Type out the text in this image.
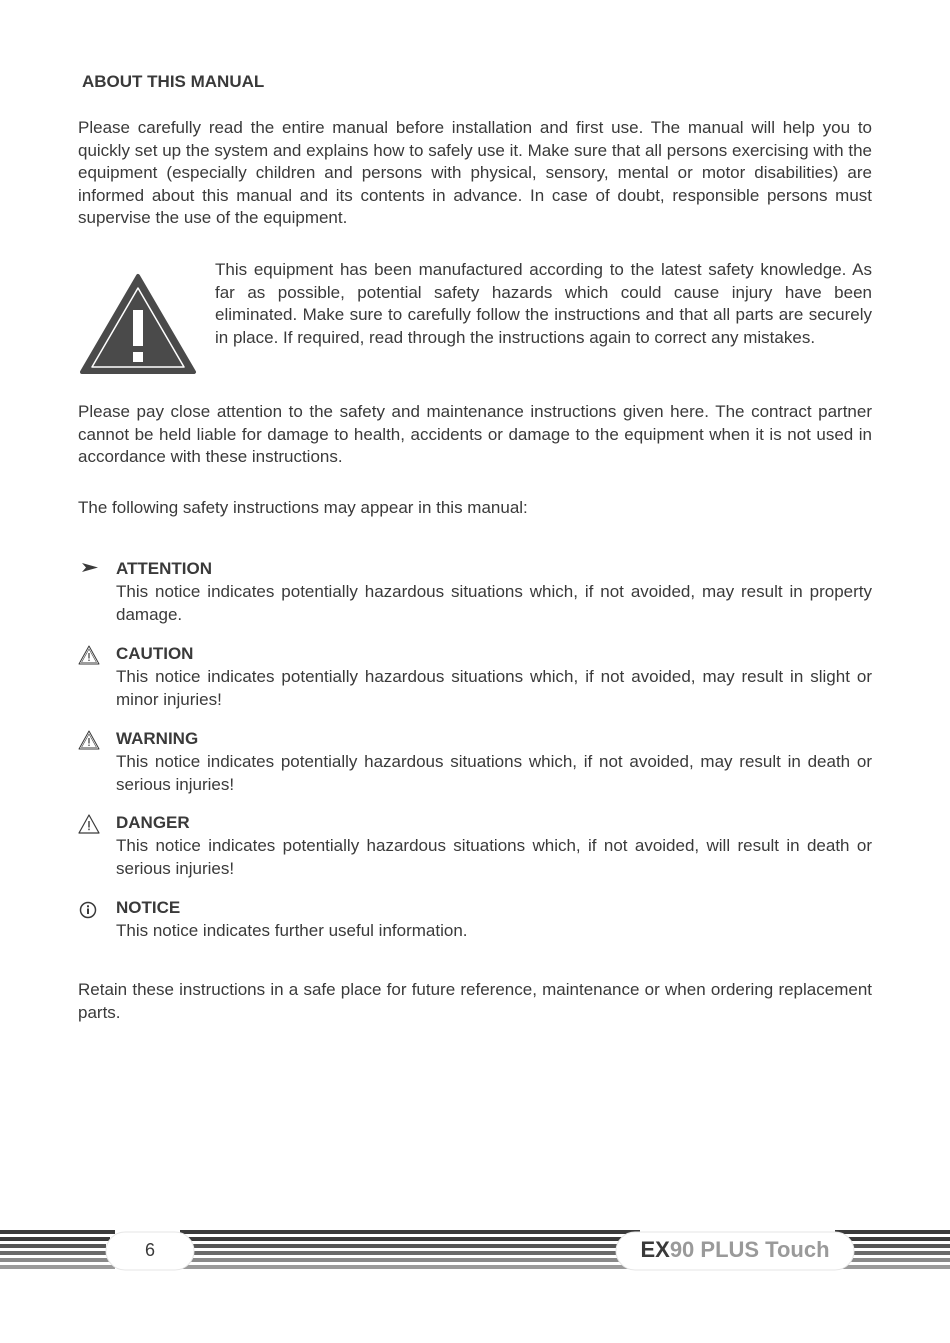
ABOUT THIS MANUAL

Please carefully read the entire manual before installation and first use. The manual will help you to quickly set up the system and explains how to safely use it. Make sure that all persons exercising with the equipment (especially children and persons with physical, sensory, mental or motor disabilities) are informed about this manual and its contents in advance. In case of doubt, responsible persons must supervise the use of the equipment.

This equipment has been manufactured according to the latest safety knowledge. As far as possible, potential safety hazards which could cause injury have been eliminated. Make sure to carefully follow the instructions and that all parts are securely in place. If required, read through the instructions again to correct any mistakes.

Please pay close attention to the safety and maintenance instructions given here. The contract partner cannot be held liable for damage to health, accidents or damage to the equipment when it is not used in accordance with these instructions.

The following safety instructions may appear in this manual:

ATTENTION

This notice indicates potentially hazardous situations which, if not avoided, may result in property damage.

CAUTION

This notice indicates potentially hazardous situations which, if not avoided, may result in slight or minor injuries!

WARNING

This notice indicates potentially hazardous situations which, if not avoided, may result in death or serious injuries!

DANGER

This notice indicates potentially hazardous situations which, if not avoided, will result in death or serious injuries!

NOTICE

This notice indicates further useful information.

Retain these instructions in a safe place for future reference, maintenance or when ordering replacement parts.

6	EX90 PLUS Touch
